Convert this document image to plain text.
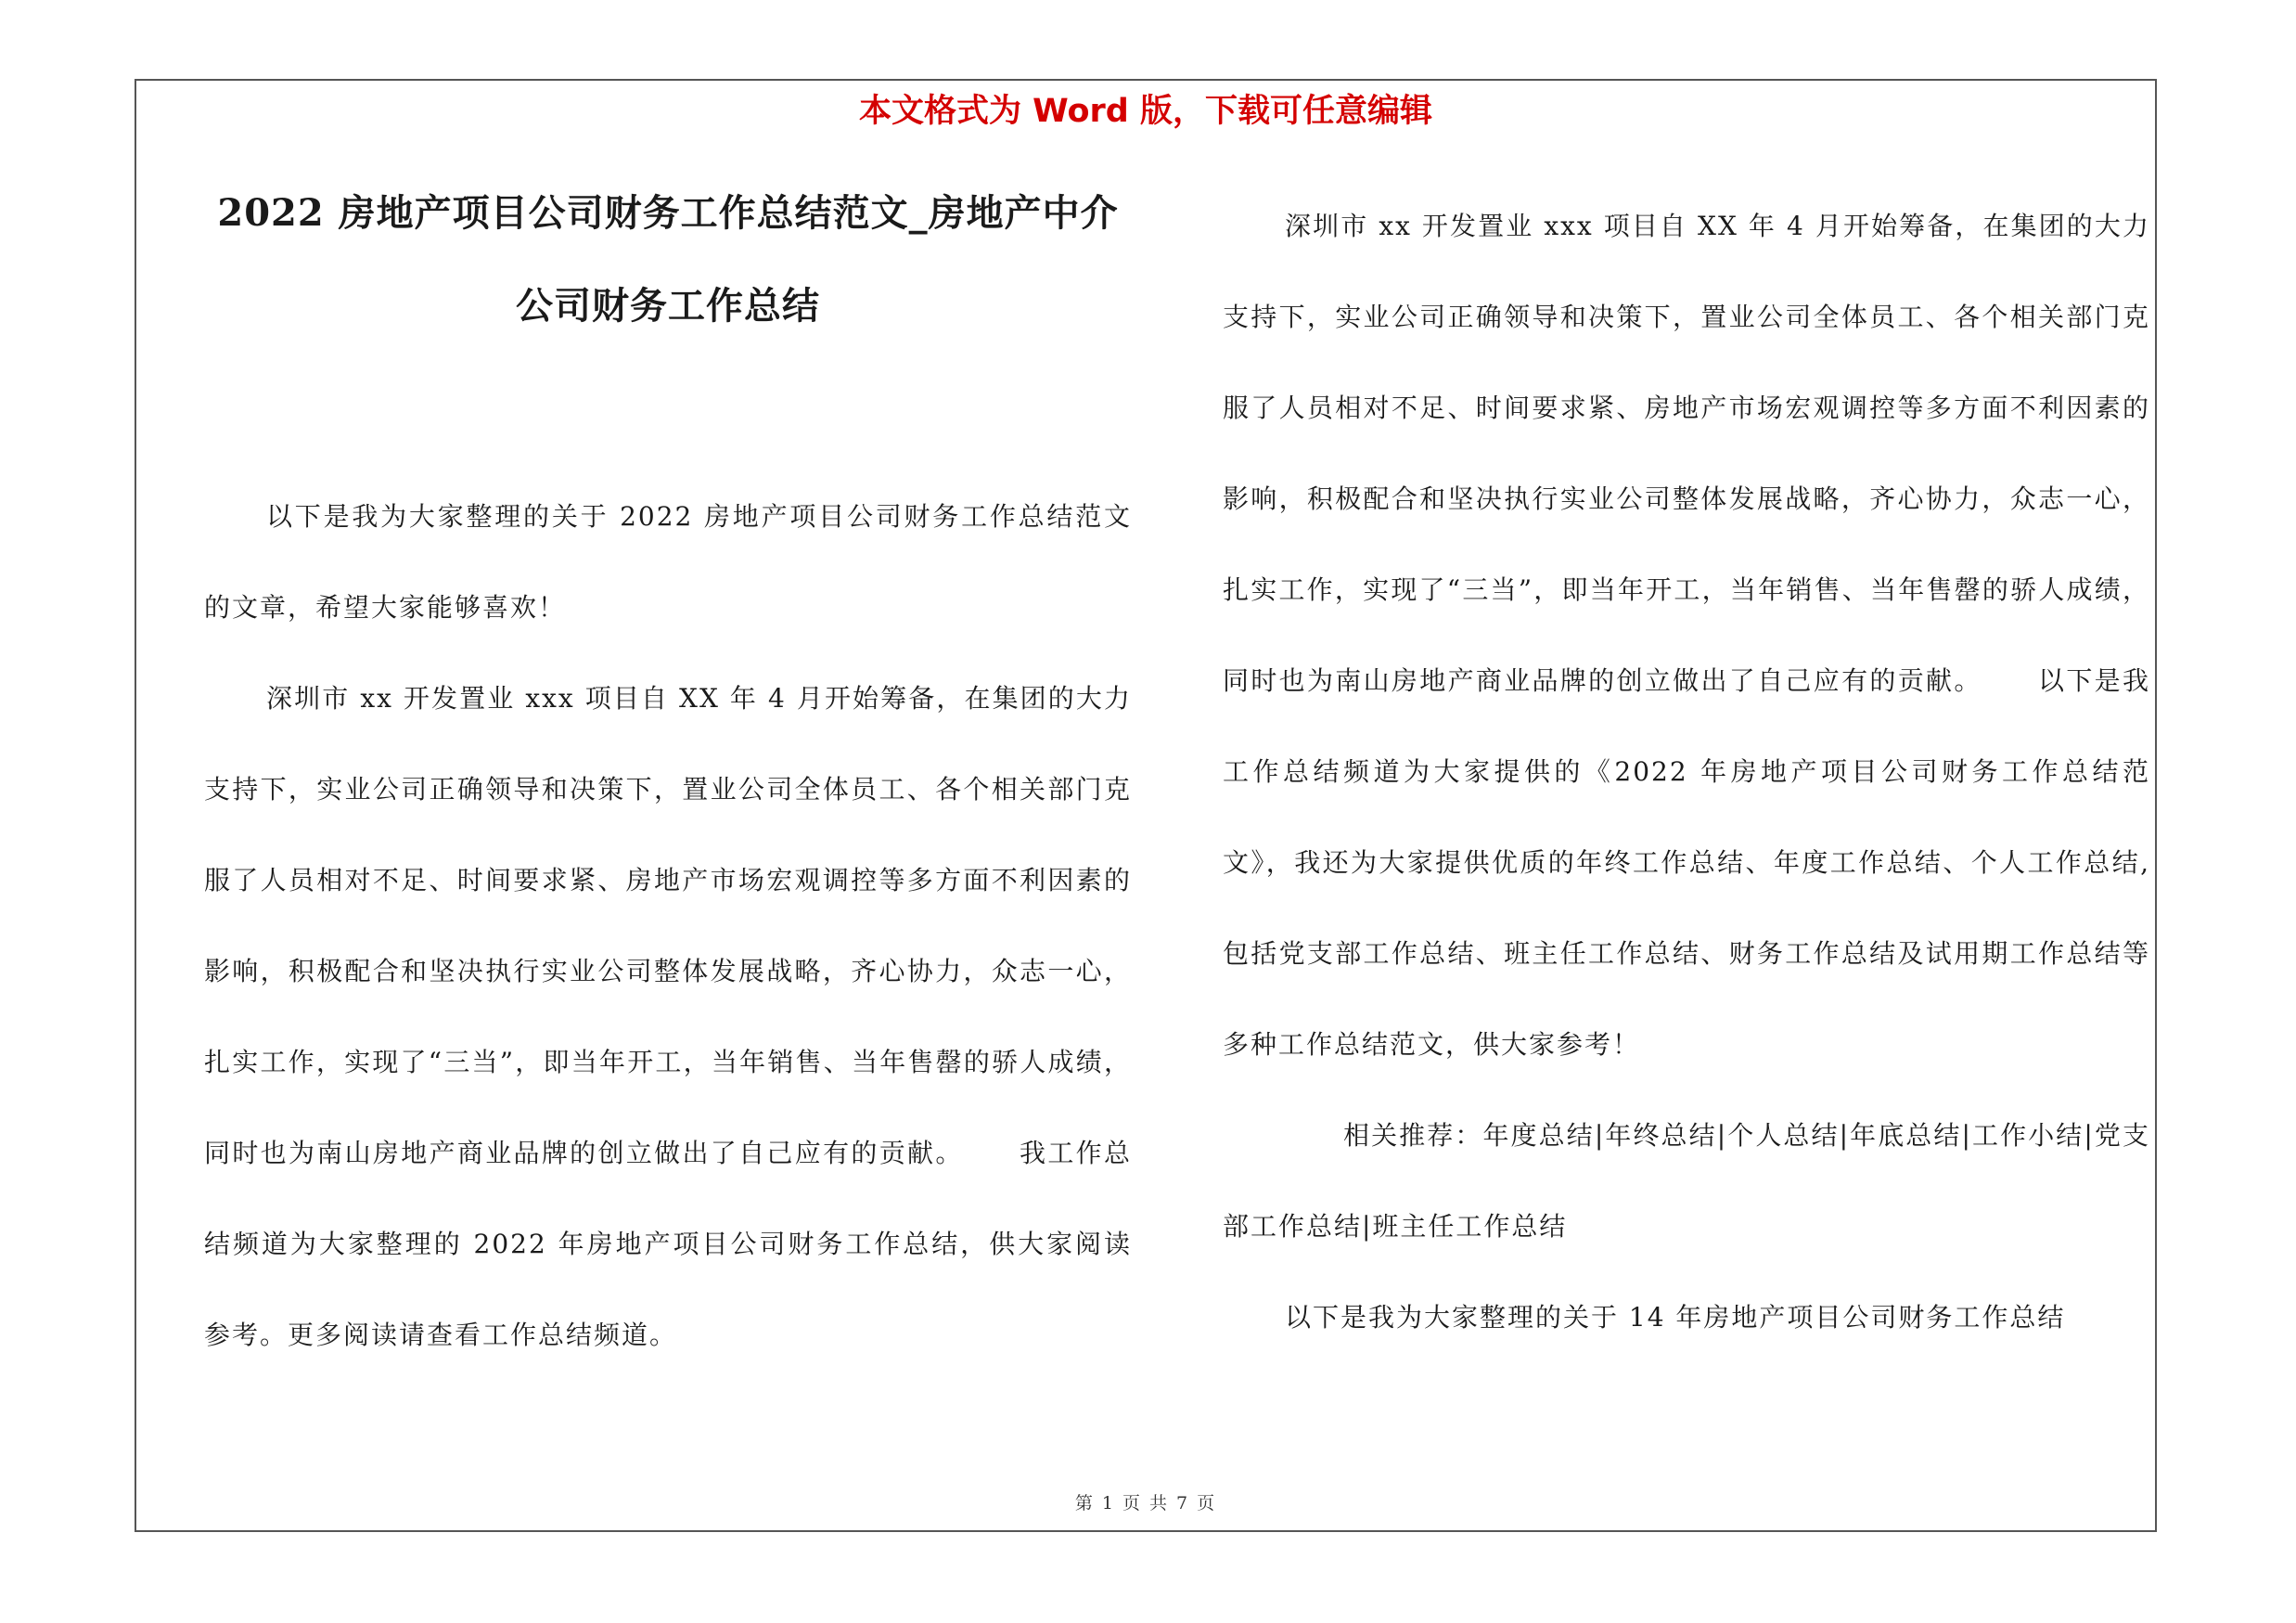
本文格式为 Word 版，下载可任意编辑
2022 房地产项目公司财务工作总结范文_房地产中介公司财务工作总结

以下是我为大家整理的关于 2022 房地产项目公司财务工作总结范文的文章，希望大家能够喜欢！

深圳市 xx 开发置业 xxx 项目自 XX 年 4 月开始筹备，在集团的大力支持下，实业公司正确领导和决策下，置业公司全体员工、各个相关部门克服了人员相对不足、时间要求紧、房地产市场宏观调控等多方面不利因素的影响，积极配合和坚决执行实业公司整体发展战略，齐心协力，众志一心，扎实工作，实现了“三当”，即当年开工，当年销售、当年售罄的骄人成绩，同时也为南山房地产商业品牌的创立做出了自己应有的贡献。 我工作总结频道为大家整理的 2022 年房地产项目公司财务工作总结，供大家阅读参考。更多阅读请查看工作总结频道。

深圳市 xx 开发置业 xxx 项目自 XX 年 4 月开始筹备，在集团的大力支持下，实业公司正确领导和决策下，置业公司全体员工、各个相关部门克服了人员相对不足、时间要求紧、房地产市场宏观调控等多方面不利因素的影响，积极配合和坚决执行实业公司整体发展战略，齐心协力，众志一心，扎实工作，实现了“三当”，即当年开工，当年销售、当年售罄的骄人成绩，同时也为南山房地产商业品牌的创立做出了自己应有的贡献。 以下是我工作总结频道为大家提供的《2022 年房地产项目公司财务工作总结范文》，我还为大家提供优质的年终工作总结、年度工作总结、个人工作总结,包括党支部工作总结、班主任工作总结、财务工作总结及试用期工作总结等多种工作总结范文，供大家参考！

相关推荐：年度总结|年终总结|个人总结|年底总结|工作小结|党支部工作总结|班主任工作总结

以下是我为大家整理的关于 14 年房地产项目公司财务工作总结

第 1 页 共 7 页
